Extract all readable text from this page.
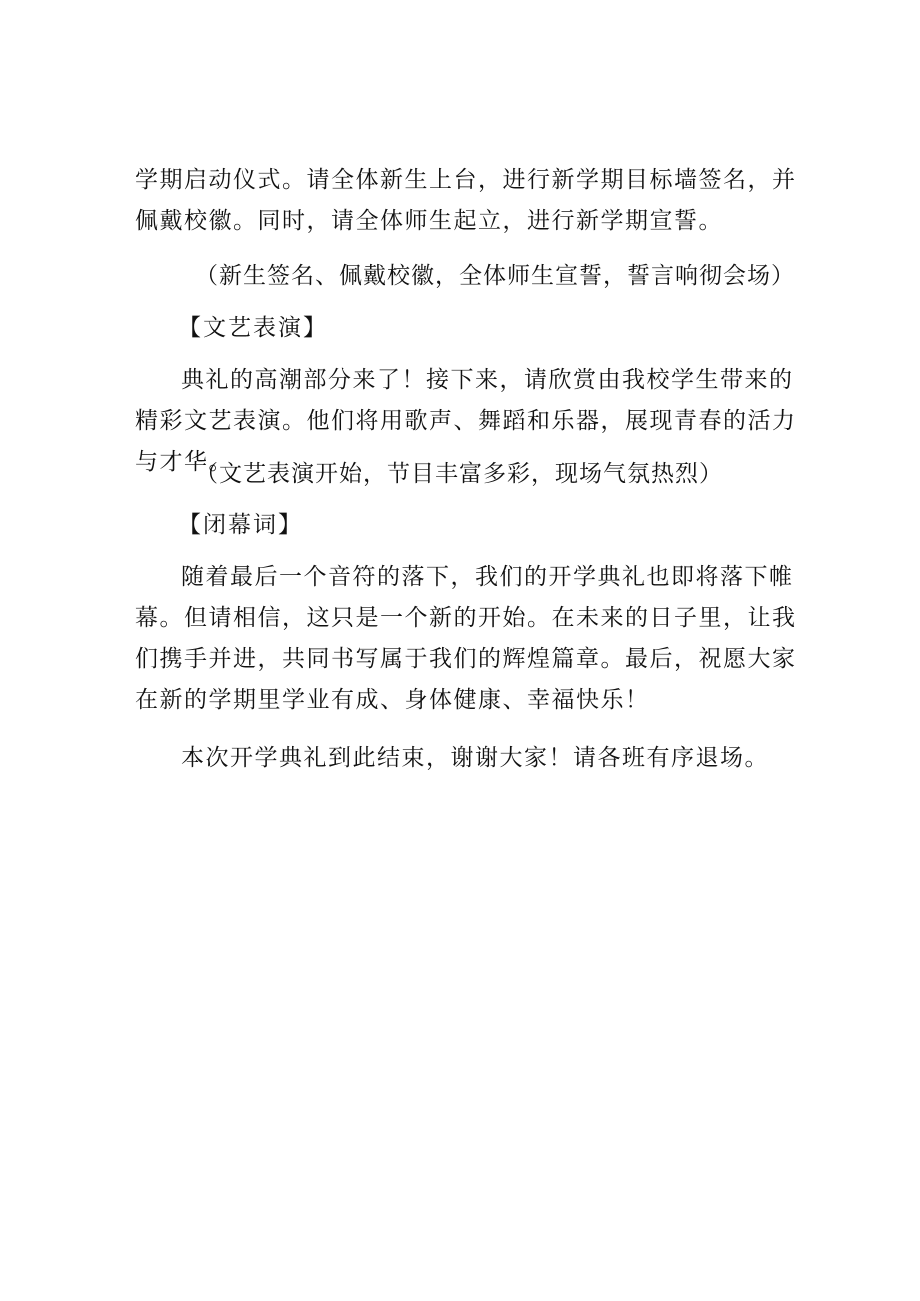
学期启动仪式。请全体新生上台，进行新学期目标墙签名，并佩戴校徽。同时，请全体师生起立，进行新学期宣誓。

（新生签名、佩戴校徽，全体师生宣誓，誓言响彻会场）

【文艺表演】

典礼的高潮部分来了！接下来，请欣赏由我校学生带来的精彩文艺表演。他们将用歌声、舞蹈和乐器，展现青春的活力与才华。

（文艺表演开始，节目丰富多彩，现场气氛热烈）

【闭幕词】

随着最后一个音符的落下，我们的开学典礼也即将落下帷幕。但请相信，这只是一个新的开始。在未来的日子里，让我们携手并进，共同书写属于我们的辉煌篇章。最后，祝愿大家在新的学期里学业有成、身体健康、幸福快乐！

本次开学典礼到此结束，谢谢大家！请各班有序退场。
